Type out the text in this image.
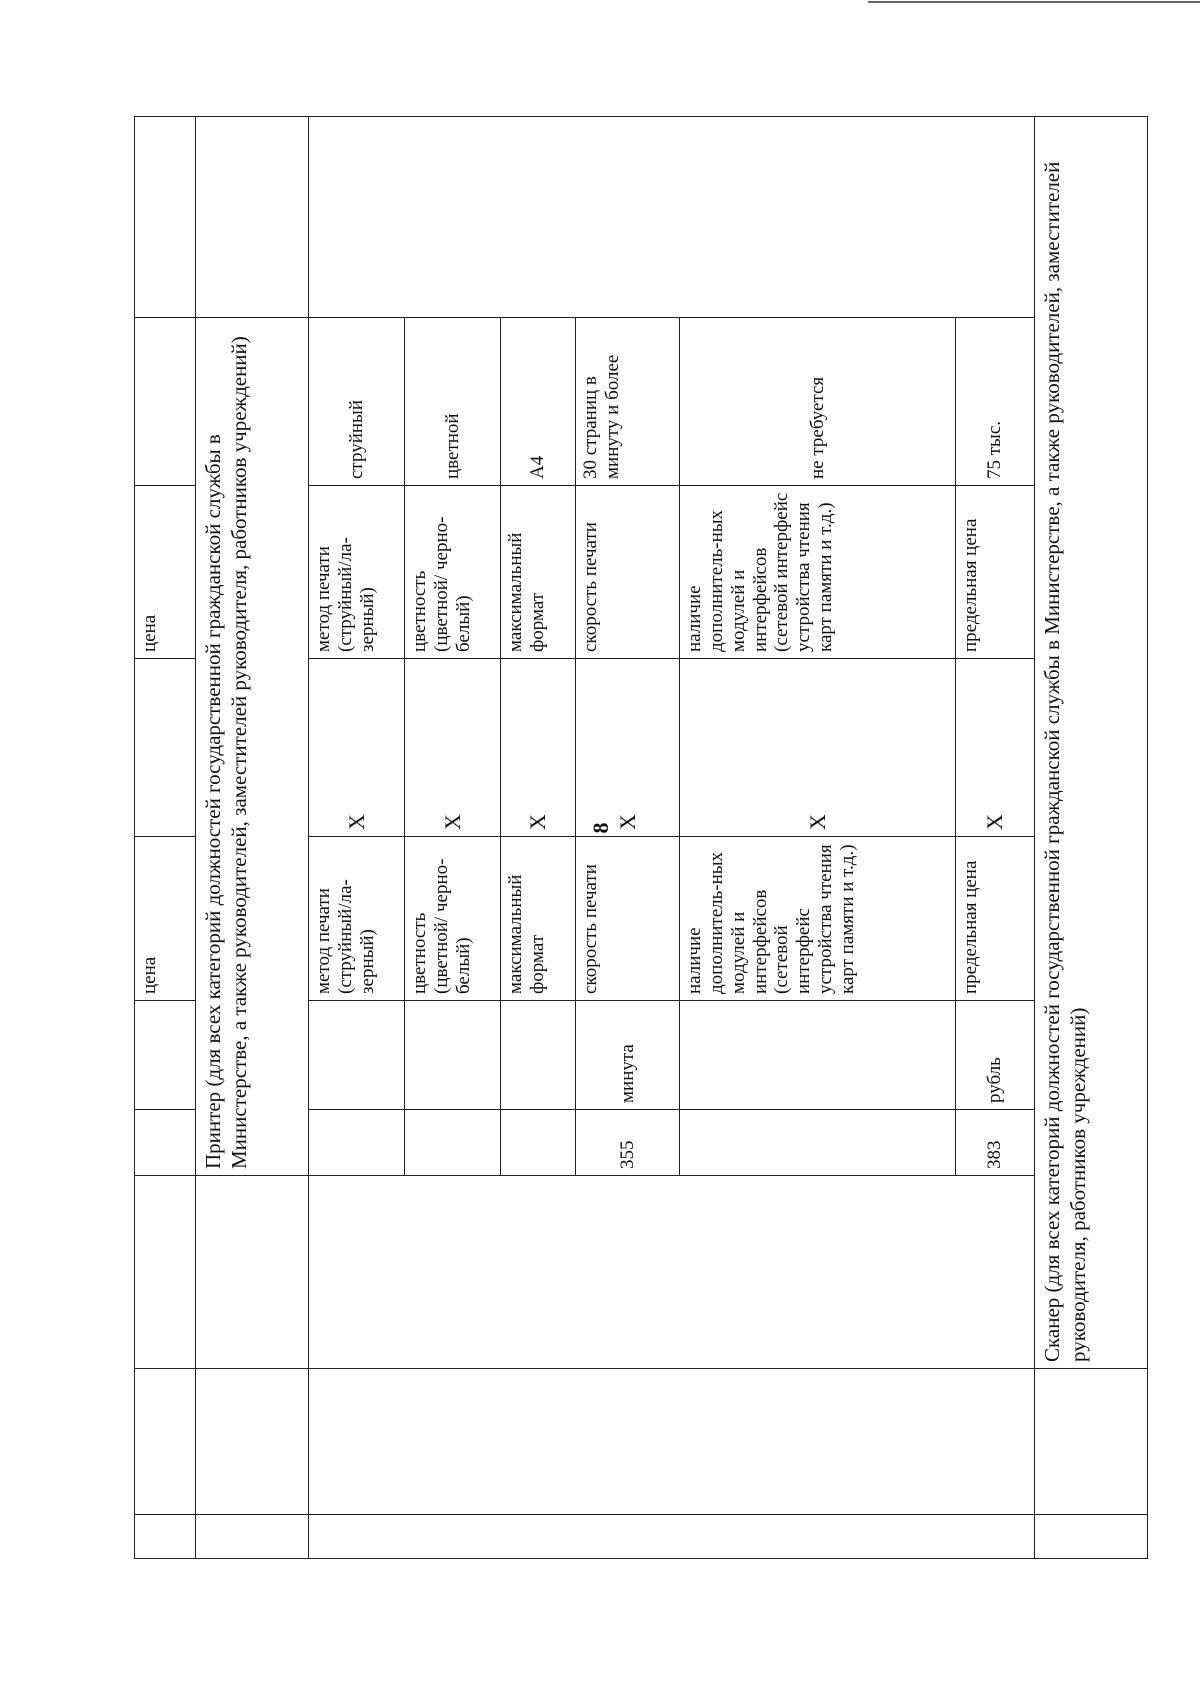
8
					цена		цена		
			Принтер (для всех категорий должностей государственной гражданской службы в Министерстве, а также руководителей, заместителей руководителя, работников учреждений)						
					метод печати (струйный/ла-зерный)	X	метод печати (струйный/ла-зерный)	струйный	
					цветность (цветной/ черно-белый)	X	цветность (цветной/ черно-белый)	цветной	
					максимальный формат	X	максимальный формат	А4	
			355	минута	скорость печати	X	скорость печати	30 страниц в минуту и более	
					наличие дополнитель-ных модулей и интерфейсов (сетевой интерфейс устройства чтения карт памяти и т.д.)	X	наличие дополнитель-ных модулей и интерфейсов (сетевой интерфейс устройства чтения карт памяти и т.д.)	не требуется	
			383	рубль	предельная цена	X	предельная цена	75 тыс.	
		Сканер (для всех категорий должностей государственной гражданской службы в Министерстве, а также руководителей, заместителей руководителя, работников учреждений)							
